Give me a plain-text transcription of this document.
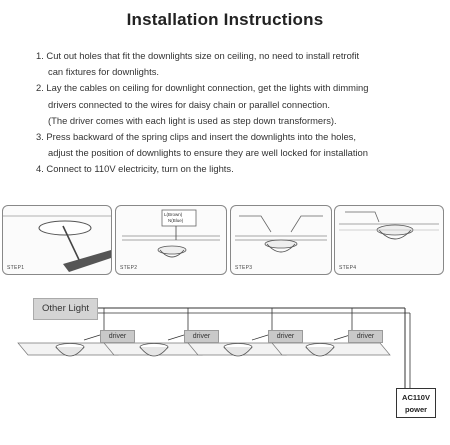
Installation Instructions
1. Cut out holes that fit the downlights size on ceiling, no need to install retrofit
can fixtures for downlights.
2. Lay the cables on ceiling for downlight connection, get the lights with dimming
drivers connected to the wires for daisy chain or parallel connection.
(The driver comes with each light is used as step down transformers).
3. Press backward of the spring clips and insert the downlights into the holes,
adjust the position of downlights to ensure they are well locked for installation
4. Connect to 110V electricity, turn on the lights.
STEP1
L(Brown)
N(Blue)
STEP2	STEP3	STEP4
Other Light
driver	driver	driver	driver
AC110V
power
